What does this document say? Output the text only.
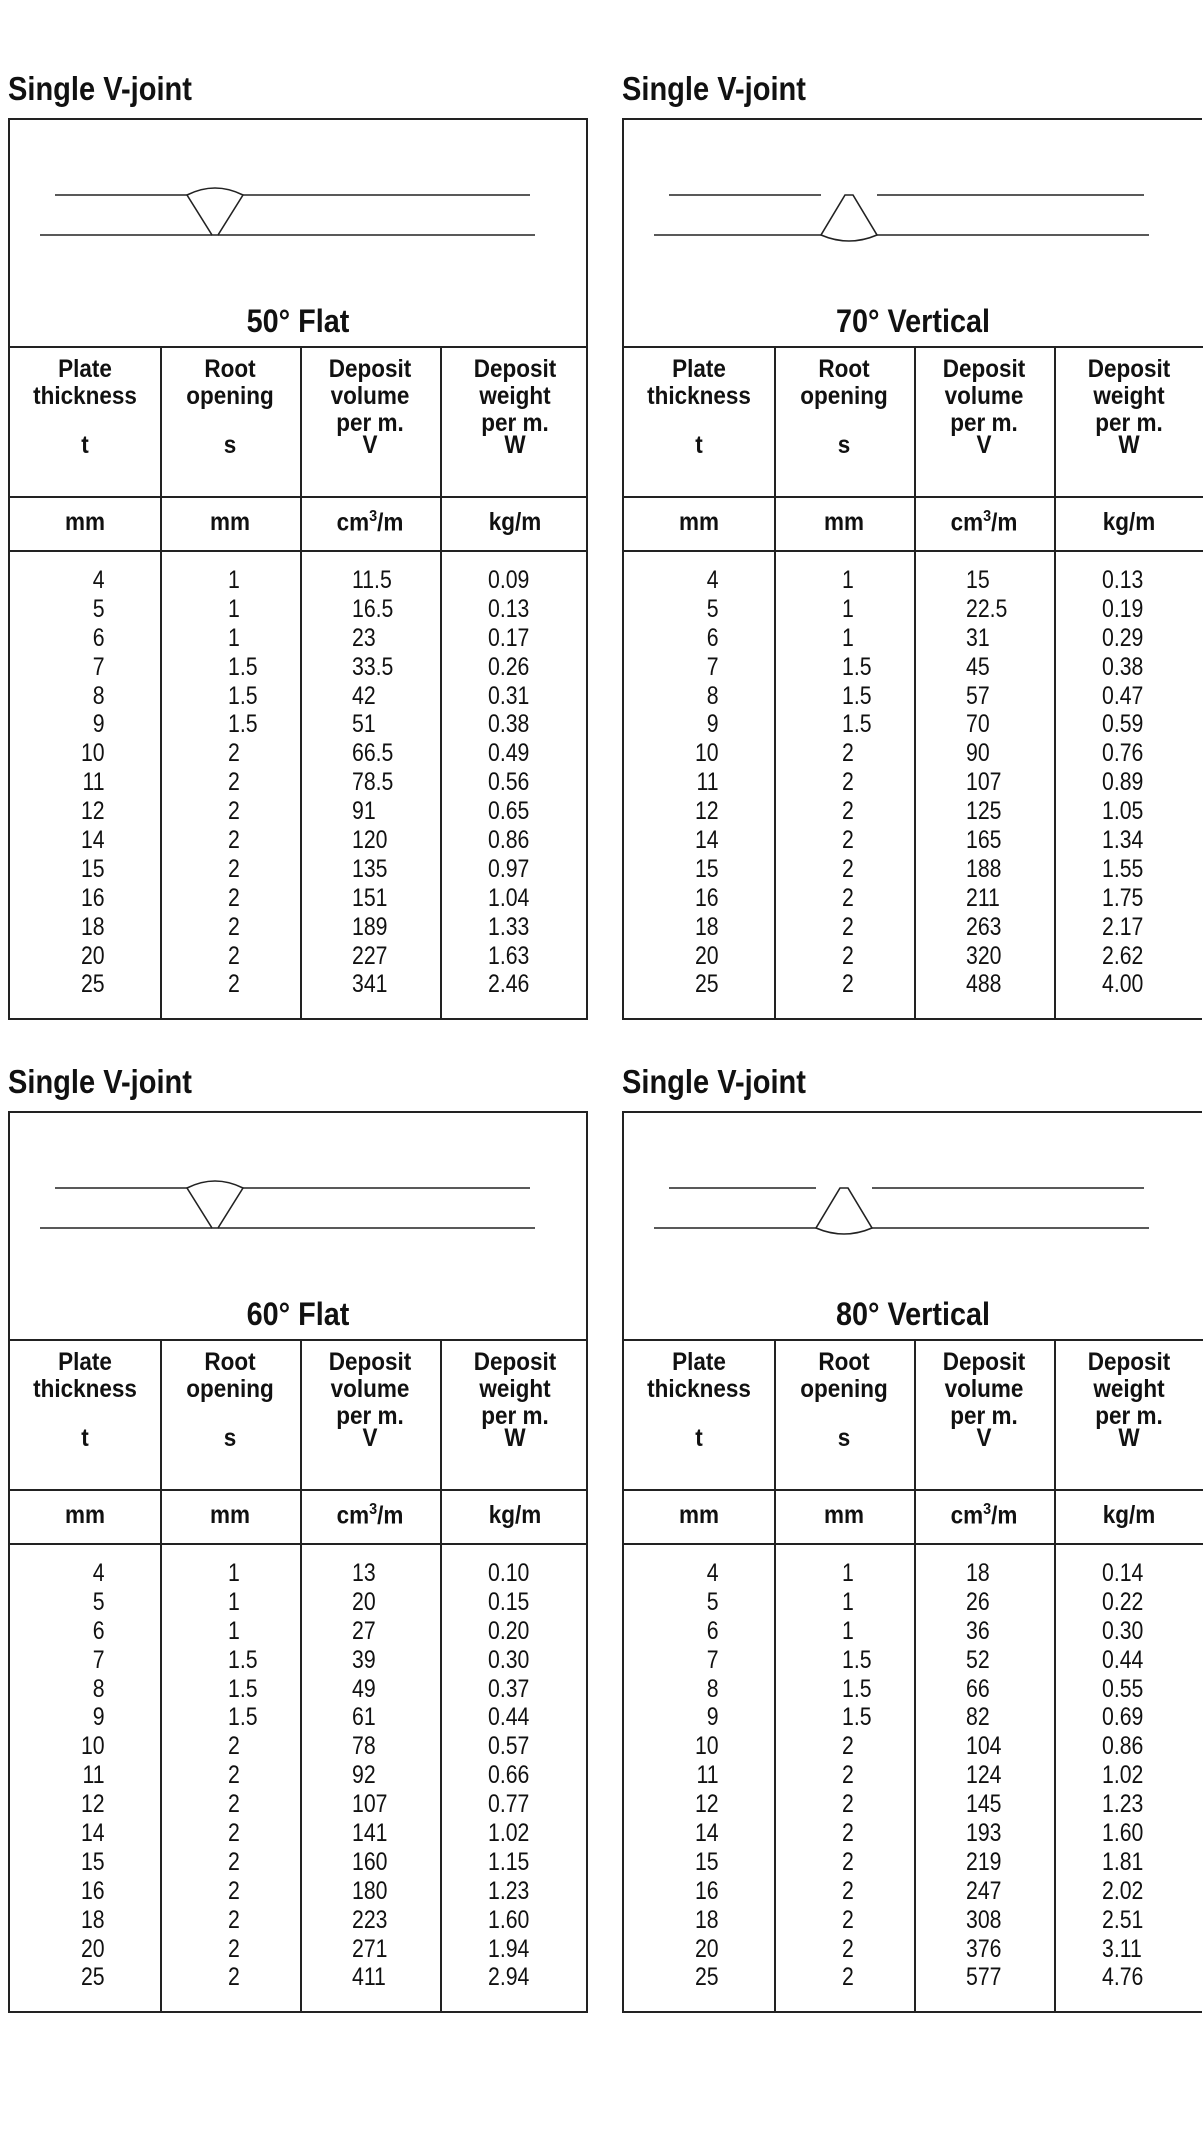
Single V-joint
50° Flat
Plate
thickness
t
mm
Root
opening
s
mm
Deposit
volume
per m.
V
$cm^3/m$
Deposit
weight
per m.
W
kg/m
4
5
6
7
8
9
10
11
12
14
15
16
18
20
25
1
1
1
1.5
1.5
1.5
2
2
2
2
2
2
2
2
2
11.5
16.5
23
33.5
42
51
66.5
78.5
91
120
135
151
189
227
341
0.09
0.13
0.17
0.26
0.31
0.38
0.49
0.56
0.65
0.86
0.97
1.04
1.33
1.63
2.46
Single V-joint
70° Vertical
Plate
thickness
t
mm
Root
opening
s
mm
Deposit
volume
per m.
V
$cm^3/m$
Deposit
weight
per m.
W
kg/m
4
5
6
7
8
9
10
11
12
14
15
16
18
20
25
1
1
1
1.5
1.5
1.5
2
2
2
2
2
2
2
2
2
15
22.5
31
45
57
70
90
107
125
165
188
211
263
320
488
0.13
0.19
0.29
0.38
0.47
0.59
0.76
0.89
1.05
1.34
1.55
1.75
2.17
2.62
4.00
Single V-joint
60° Flat
Plate
thickness
t
mm
Root
opening
s
mm
Deposit
volume
per m.
V
$cm^3/m$
Deposit
weight
per m.
W
kg/m
4
5
6
7
8
9
10
11
12
14
15
16
18
20
25
1
1
1
1.5
1.5
1.5
2
2
2
2
2
2
2
2
2
13
20
27
39
49
61
78
92
107
141
160
180
223
271
411
0.10
0.15
0.20
0.30
0.37
0.44
0.57
0.66
0.77
1.02
1.15
1.23
1.60
1.94
2.94
Single V-joint
80° Vertical
Plate
thickness
t
mm
Root
opening
s
mm
Deposit
volume
per m.
V
$cm^3/m$
Deposit
weight
per m.
W
kg/m
4
5
6
7
8
9
10
11
12
14
15
16
18
20
25
1
1
1
1.5
1.5
1.5
2
2
2
2
2
2
2
2
2
18
26
36
52
66
82
104
124
145
193
219
247
308
376
577
0.14
0.22
0.30
0.44
0.55
0.69
0.86
1.02
1.23
1.60
1.81
2.02
2.51
3.11
4.76
